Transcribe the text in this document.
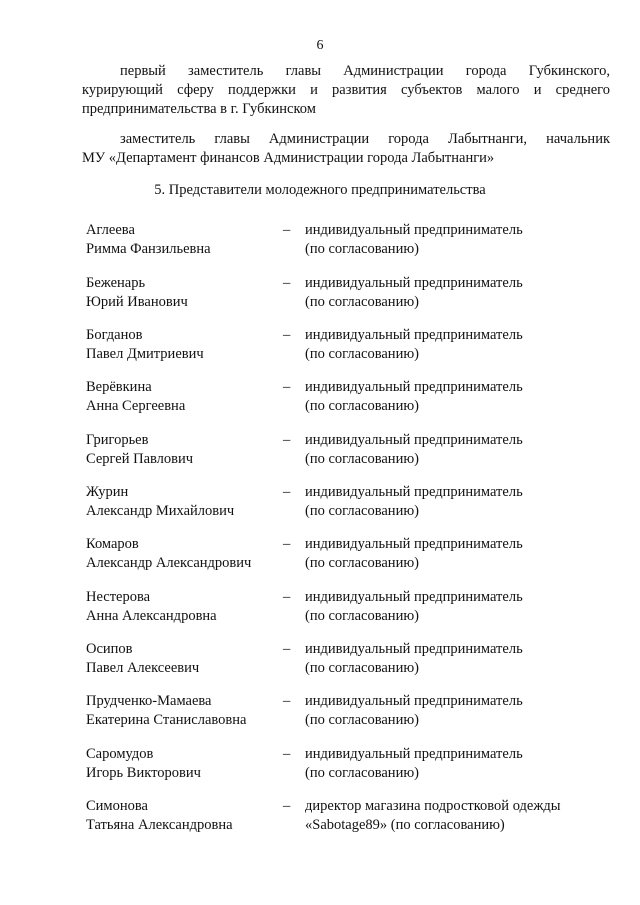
6
первый заместитель главы Администрации города Губкинского,
курирующий сферу поддержки и развития субъектов малого и среднего
предпринимательства в г. Губкинском
заместитель главы Администрации города Лабытнанги, начальник
МУ «Департамент финансов Администрации города Лабытнанги»
5. Представители молодежного предпринимательства
Аглеева
Римма Фанзильевна
– индивидуальный предприниматель
(по согласованию)
Беженарь
Юрий Иванович
– индивидуальный предприниматель
(по согласованию)
Богданов
Павел Дмитриевич
– индивидуальный предприниматель
(по согласованию)
Верёвкина
Анна Сергеевна
– индивидуальный предприниматель
(по согласованию)
Григорьев
Сергей Павлович
– индивидуальный предприниматель
(по согласованию)
Журин
Александр Михайлович
– индивидуальный предприниматель
(по согласованию)
Комаров
Александр Александрович
– индивидуальный предприниматель
(по согласованию)
Нестерова
Анна Александровна
– индивидуальный предприниматель
(по согласованию)
Осипов
Павел Алексеевич
– индивидуальный предприниматель
(по согласованию)
Прудченко-Мамаева
Екатерина Станиславовна
– индивидуальный предприниматель
(по согласованию)
Саромудов
Игорь Викторович
– индивидуальный предприниматель
(по согласованию)
Симонова
Татьяна Александровна
– директор магазина подростковой одежды
«Sabotage89» (по согласованию)
